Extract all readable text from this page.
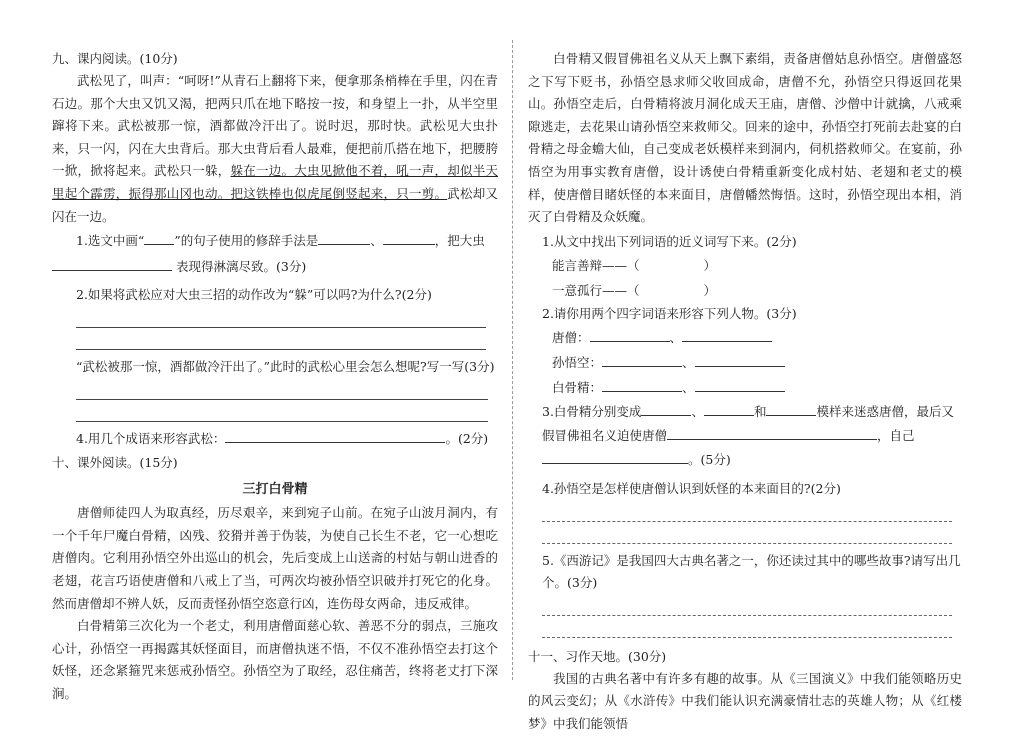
九、课内阅读。(10分)

武松见了，叫声：“呵呀!”从青石上翻将下来，便拿那条梢棒在手里，闪在青石边。那个大虫又饥又渴，把两只爪在地下略按一按，和身望上一扑，从半空里蹿将下来。武松被那一惊，酒都做冷汗出了。说时迟，那时快。武松见大虫扑来，只一闪，闪在大虫背后。那大虫背后看人最难，便把前爪搭在地下，把腰胯一掀，掀将起来。武松只一躲，躲在一边。大虫见掀他不着，吼一声，却似半天里起个霹雳，振得那山冈也动。把这铁棒也似虎尾倒竖起来，只一剪。武松却又闪在一边。

1.选文中画“ ”的句子使用的修辞手法是	、	，把大虫

表现得淋漓尽致。(3分)

2.如果将武松应对大虫三招的动作改为“躲”可以吗?为什么?(2分)

“武松被那一惊，酒都做冷汗出了。”此时的武松心里会怎么想呢?写一写(3分)

4.用几个成语来形容武松：	。(2分)

十、课外阅读。(15分)

三打白骨精

唐僧师徒四人为取真经，历尽艰辛，来到宛子山前。在宛子山波月洞内，有一个千年尸魔白骨精，凶残、狡猾并善于伪装，为使自己长生不老，它一心想吃唐僧肉。它利用孙悟空外出巡山的机会，先后变成上山送斋的村姑与朝山进香的老翅，花言巧语使唐僧和八戒上了当，可两次均被孙悟空识破并打死它的化身。然而唐僧却不辨人妖，反而责怪孙悟空恣意行凶，连伤母女两命，违反戒律。

白骨精第三次化为一个老丈，利用唐僧面慈心软、善恶不分的弱点，三施攻心计，孙悟空一再揭露其妖怪面目，而唐僧执迷不悟，不仅不准孙悟空去打这个妖怪，还念紧箍咒来惩戒孙悟空。孙悟空为了取经，忍住痛苦，终将老丈打下深涧。

白骨精又假冒佛祖名义从天上飘下素绢，责备唐僧姑息孙悟空。唐僧盛怒之下写下贬书，孙悟空恳求师父收回成命，唐僧不允，孙悟空只得返回花果山。孙悟空走后，白骨精将波月洞化成天王庙，唐僧、沙僧中计就擒，八戒乘隙逃走，去花果山请孙悟空来救师父。回来的途中，孙悟空打死前去赴宴的白骨精之母金蟾大仙，自己变成老妖模样来到洞内，伺机搭救师父。在宴前，孙悟空为用事实教育唐僧，设计诱使白骨精重新变化成村姑、老翅和老丈的模样，使唐僧目睹妖怪的本来面目，唐僧幡然悔悟。这时，孙悟空现出本相，消灭了白骨精及众妖魔。

1.从文中找出下列词语的近义词写下来。(2分)

能言善辩——（	）

一意孤行——（	）

2.请你用两个四字词语来形容下列人物。(3分)

唐僧：	、

孙悟空：	、

白骨精：	、

3.白骨精分别变成	、	和	模样来迷惑唐僧，最后又假冒佛祖名义迫使唐僧	，自己。(5分)

4.孙悟空是怎样使唐僧认识到妖怪的本来面目的?(2分)

5.《西游记》是我国四大古典名著之一，你还读过其中的哪些故事?请写出几个。(3分)

十一、习作天地。(30分)

我国的古典名著中有许多有趣的故事。从《三国演义》中我们能领略历史的风云变幻；从《水浒传》中我们能认识充满豪情壮志的英雄人物；从《红楼梦》中我们能领悟
